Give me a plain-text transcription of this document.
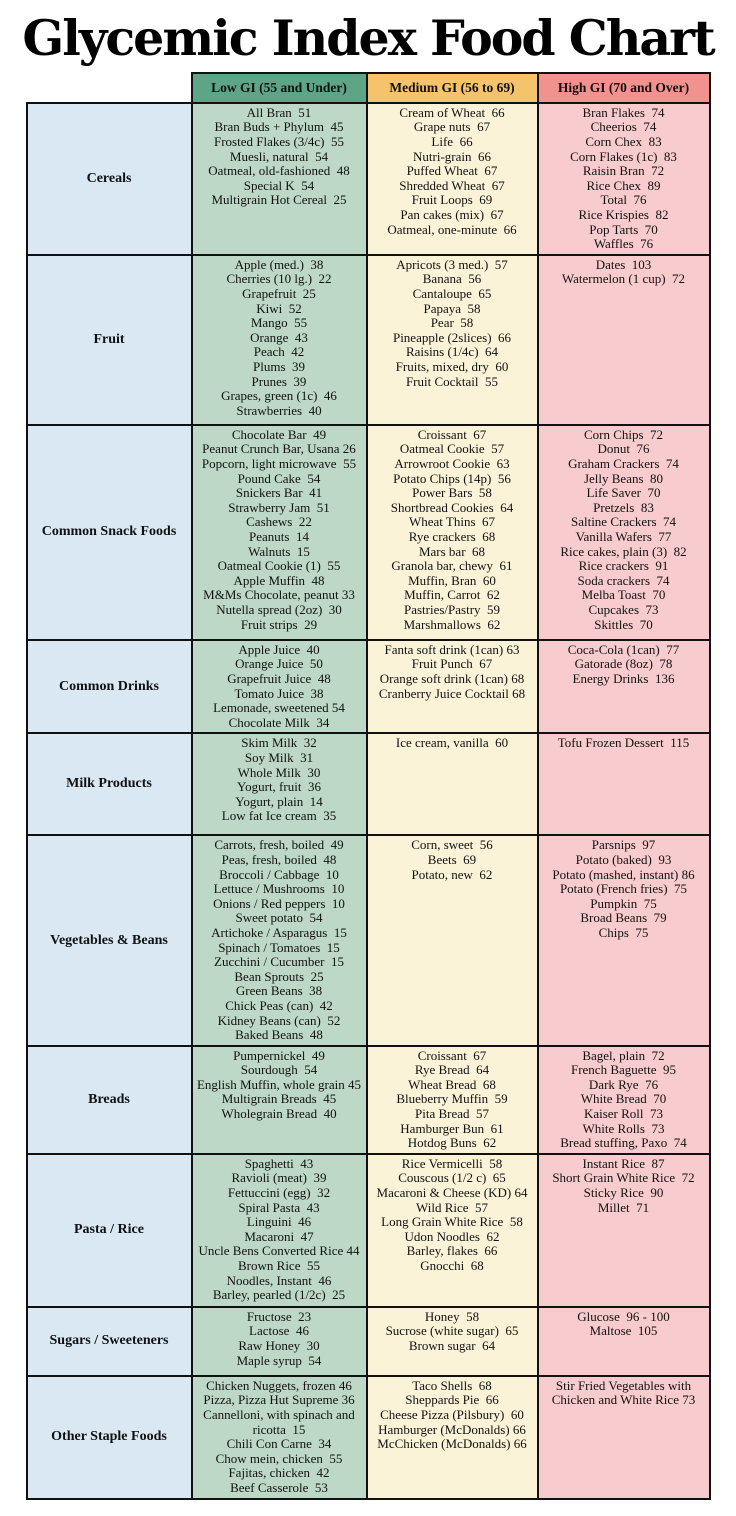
Glycemic Index Food Chart
	Low GI (55 and Under)	Medium GI (56 to 69)	High GI (70 and Over)
Cereals	
All Bran  51
Bran Buds + Phylum  45
Frosted Flakes (3/4c)  55
Muesli, natural  54
Oatmeal, old-fashioned  48
Special K  54
Multigrain Hot Cereal  25

Cream of Wheat  66
Grape nuts  67
Life  66
Nutri-grain  66
Puffed Wheat  67
Shredded Wheat  67
Fruit Loops  69
Pan cakes (mix)  67
Oatmeal, one-minute  66

Bran Flakes  74
Cheerios  74
Corn Chex  83
Corn Flakes (1c)  83
Raisin Bran  72
Rice Chex  89
Total  76
Rice Krispies  82
Pop Tarts  70
Waffles  76

Fruit	
Apple (med.)  38
Cherries (10 lg.)  22
Grapefruit  25
Kiwi  52
Mango  55
Orange  43
Peach  42
Plums  39
Prunes  39
Grapes, green (1c)  46
Strawberries  40

Apricots (3 med.)  57
Banana  56
Cantaloupe  65
Papaya  58
Pear  58
Pineapple (2slices)  66
Raisins (1/4c)  64
Fruits, mixed, dry  60
Fruit Cocktail  55

Dates  103
Watermelon (1 cup)  72

Common Snack Foods	
Chocolate Bar  49
Peanut Crunch Bar, Usana 26
Popcorn, light microwave  55
Pound Cake  54
Snickers Bar  41
Strawberry Jam  51
Cashews  22
Peanuts  14
Walnuts  15
Oatmeal Cookie (1)  55
Apple Muffin  48
M&Ms Chocolate, peanut 33
Nutella spread (2oz)  30
Fruit strips  29

Croissant  67
Oatmeal Cookie  57
Arrowroot Cookie  63
Potato Chips (14p)  56
Power Bars  58
Shortbread Cookies  64
Wheat Thins  67
Rye crackers  68
Mars bar  68
Granola bar, chewy  61
Muffin, Bran  60
Muffin, Carrot  62
Pastries/Pastry  59
Marshmallows  62

Corn Chips  72
Donut  76
Graham Crackers  74
Jelly Beans  80
Life Saver  70
Pretzels  83
Saltine Crackers  74
Vanilla Wafers  77
Rice cakes, plain (3)  82
Rice crackers  91
Soda crackers  74
Melba Toast  70
Cupcakes  73
Skittles  70

Common Drinks	
Apple Juice  40
Orange Juice  50
Grapefruit Juice  48
Tomato Juice  38
Lemonade, sweetened 54
Chocolate Milk  34

Fanta soft drink (1can) 63
Fruit Punch  67
Orange soft drink (1can) 68
Cranberry Juice Cocktail 68

Coca-Cola (1can)  77
Gatorade (8oz)  78
Energy Drinks  136

Milk Products	
Skim Milk  32
Soy Milk  31
Whole Milk  30
Yogurt, fruit  36
Yogurt, plain  14
Low fat Ice cream  35

Ice cream, vanilla  60	Tofu Frozen Dessert  115

Vegetables & Beans	
Carrots, fresh, boiled  49
Peas, fresh, boiled  48
Broccoli / Cabbage  10
Lettuce / Mushrooms  10
Onions / Red peppers  10
Sweet potato  54
Artichoke / Asparagus  15
Spinach / Tomatoes  15
Zucchini / Cucumber  15
Bean Sprouts  25
Green Beans  38
Chick Peas (can)  42
Kidney Beans (can)  52
Baked Beans  48

Corn, sweet  56
Beets  69
Potato, new  62

Parsnips  97
Potato (baked)  93
Potato (mashed, instant) 86
Potato (French fries)  75
Pumpkin  75
Broad Beans  79
Chips  75

Breads	
Pumpernickel  49
Sourdough  54
English Muffin, whole grain 45
Multigrain Breads  45
Wholegrain Bread  40

Croissant  67
Rye Bread  64
Wheat Bread  68
Blueberry Muffin  59
Pita Bread  57
Hamburger Bun  61
Hotdog Buns  62

Bagel, plain  72
French Baguette  95
Dark Rye  76
White Bread  70
Kaiser Roll  73
White Rolls  73
Bread stuffing, Paxo  74

Pasta / Rice	
Spaghetti  43
Ravioli (meat)  39
Fettuccini (egg)  32
Spiral Pasta  43
Linguini  46
Macaroni  47
Uncle Bens Converted Rice 44
Brown Rice  55
Noodles, Instant  46
Barley, pearled (1/2c)  25

Rice Vermicelli  58
Couscous (1/2 c)  65
Macaroni & Cheese (KD) 64
Wild Rice  57
Long Grain White Rice  58
Udon Noodles  62
Barley, flakes  66
Gnocchi  68

Instant Rice  87
Short Grain White Rice  72
Sticky Rice  90
Millet  71

Sugars / Sweeteners	
Fructose  23
Lactose  46
Raw Honey  30
Maple syrup  54

Honey  58
Sucrose (white sugar)  65
Brown sugar  64

Glucose  96 - 100
Maltose  105

Other Staple Foods	
Chicken Nuggets, frozen 46
Pizza, Pizza Hut Supreme 36
Cannelloni, with spinach and ricotta  15
Chili Con Carne  34
Chow mein, chicken  55
Fajitas, chicken  42
Beef Casserole  53

Taco Shells  68
Sheppards Pie  66
Cheese Pizza (Pilsbury)  60
Hamburger (McDonalds) 66
McChicken (McDonalds) 66

Stir Fried Vegetables with Chicken and White Rice 73
